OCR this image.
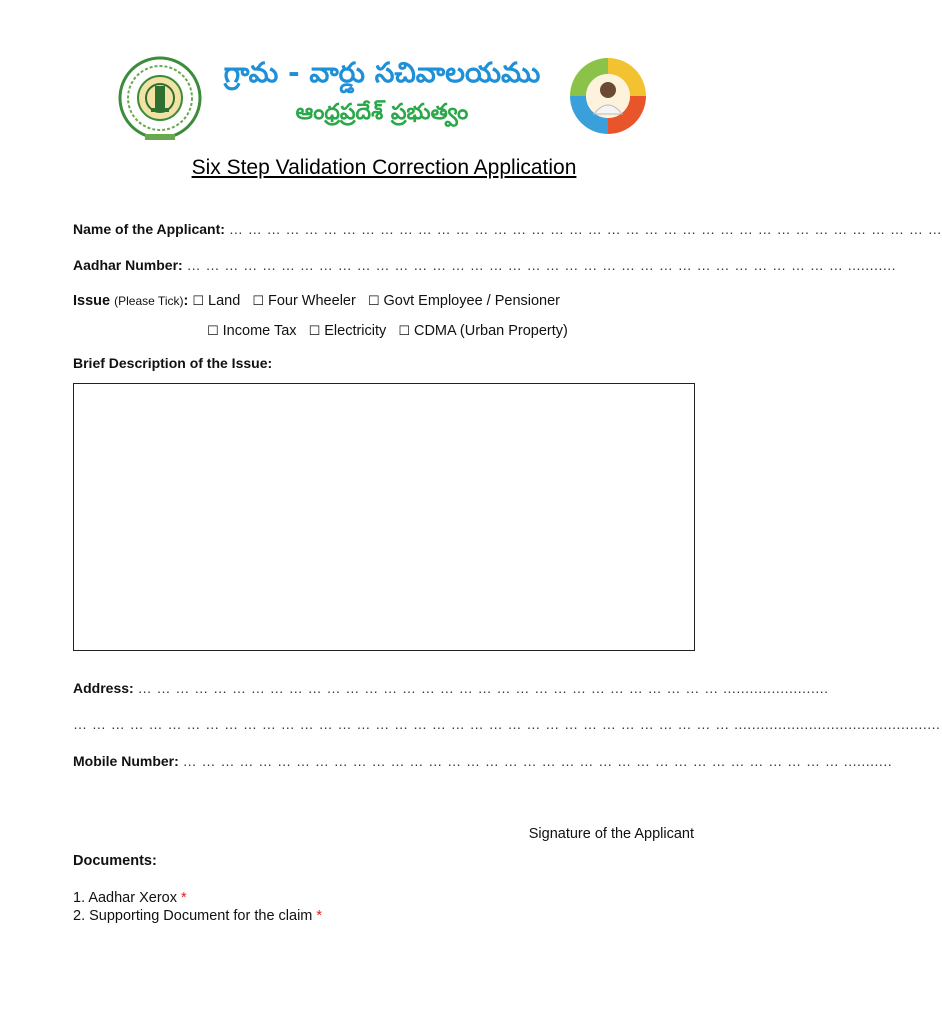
గ్రామ - వార్డు సచివాలయము
ఆంధ్రప్రదేశ్ ప్రభుత్వం
Six Step Validation Correction Application
Name of the Applicant: … … … … … … … … … … … … … … … … … … … … … … … … … … … … … … … … … … … … … …
Aadhar Number: … … … … … … … … … … … … … … … … … … … … … … … … … … … … … … … … … … … ...........
Issue (Please Tick): ☐ Land ☐ Four Wheeler ☐ Govt Employee / Pensioner
☐ Income Tax ☐ Electricity ☐ CDMA (Urban Property)
Brief Description of the Issue:
Address: … … … … … … … … … … … … … … … … … … … … … … … … … … … … … … … ........................
… … … … … … … … … … … … … … … … … … … … … … … … … … … … … … … … … … … ...............................................
Mobile Number: … … … … … … … … … … … … … … … … … … … … … … … … … … … … … … … … … … … ...........
Signature of the Applicant
Documents:
1. Aadhar Xerox *
2. Supporting Document for the claim *
